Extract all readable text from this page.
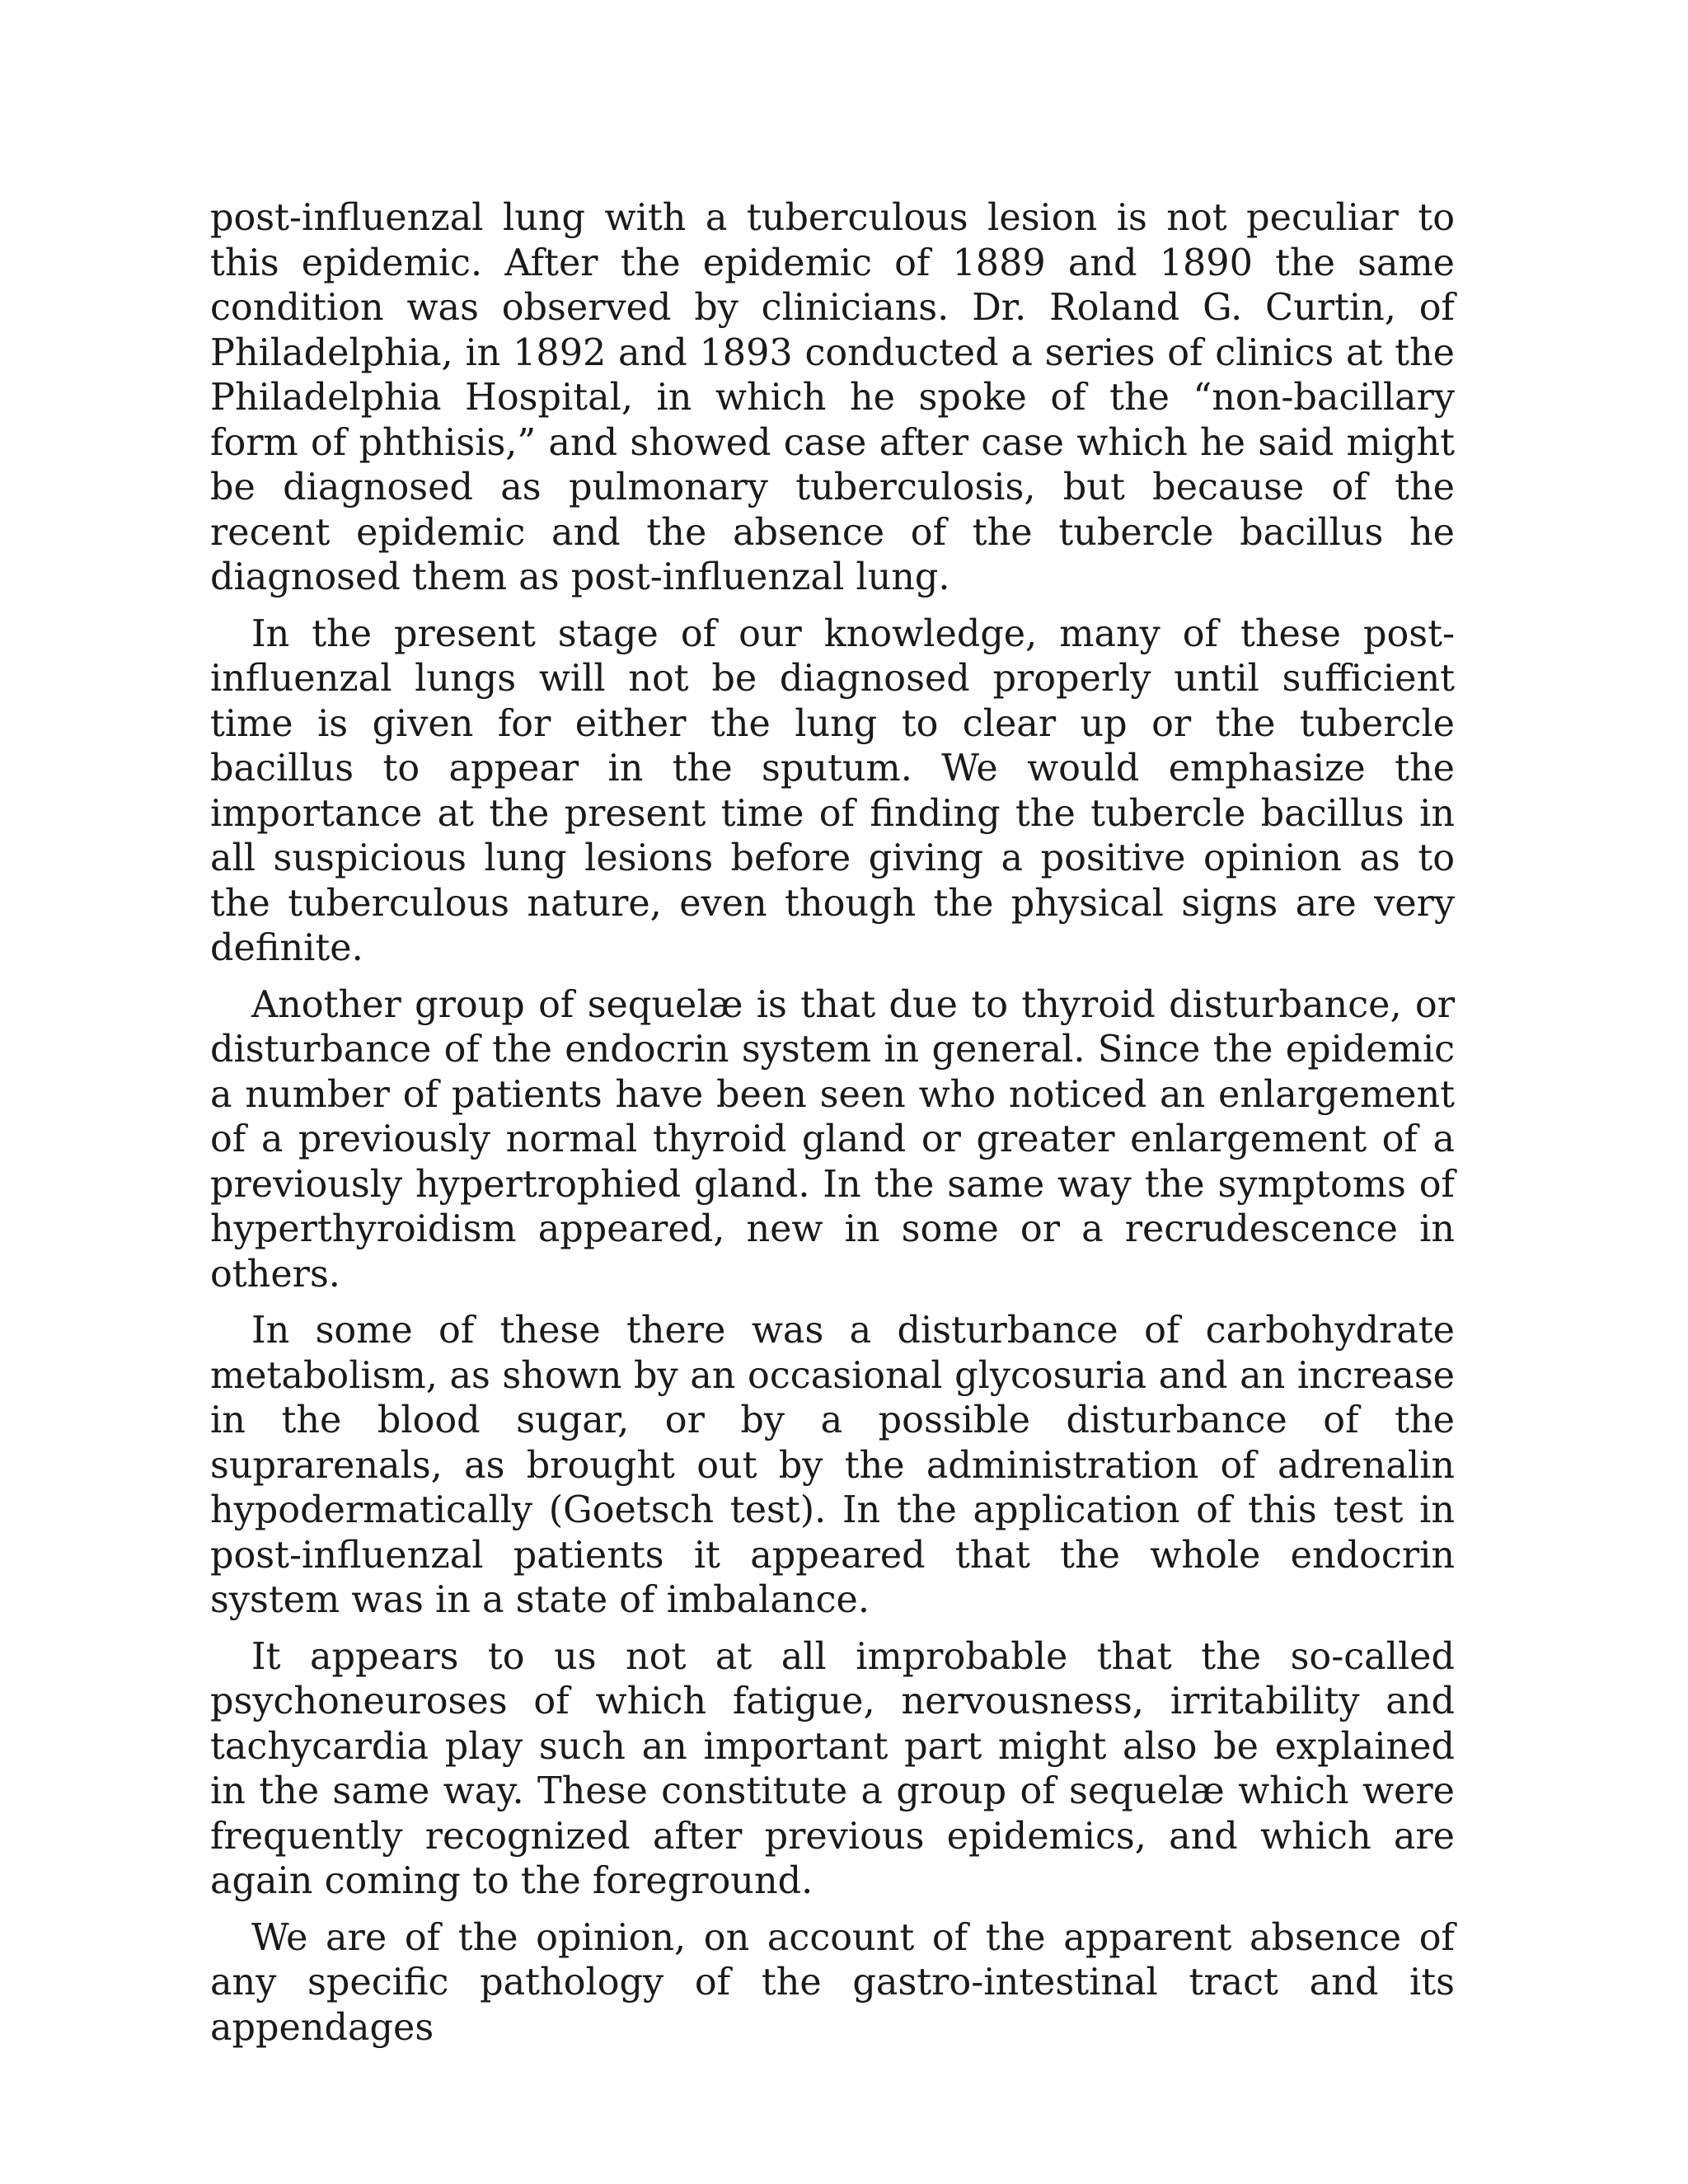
post-influenzal lung with a tuberculous lesion is not peculiar to this epidemic. After the epidemic of 1889 and 1890 the same condition was observed by clinicians. Dr. Roland G. Curtin, of Philadelphia, in 1892 and 1893 conducted a series of clinics at the Philadelphia Hospital, in which he spoke of the “non-bacillary form of phthisis,” and showed case after case which he said might be diagnosed as pulmonary tuberculosis, but because of the recent epidemic and the absence of the tubercle bacillus he diagnosed them as post-influenzal lung.

In the present stage of our knowledge, many of these post-influenzal lungs will not be diagnosed properly until sufficient time is given for either the lung to clear up or the tubercle bacillus to appear in the sputum. We would emphasize the importance at the present time of finding the tubercle bacillus in all suspicious lung lesions before giving a positive opinion as to the tuberculous nature, even though the physical signs are very definite.

Another group of sequelæ is that due to thyroid disturbance, or disturbance of the endocrin system in general. Since the epidemic a number of patients have been seen who noticed an enlargement of a previously normal thyroid gland or greater enlargement of a previously hypertrophied gland. In the same way the symptoms of hyperthyroidism appeared, new in some or a recrudescence in others.

In some of these there was a disturbance of carbohydrate metabolism, as shown by an occasional glycosuria and an increase in the blood sugar, or by a possible disturbance of the suprarenals, as brought out by the administration of adrenalin hypodermatically (Goetsch test). In the application of this test in post-influenzal patients it appeared that the whole endocrin system was in a state of imbalance.

It appears to us not at all improbable that the so-called psychoneuroses of which fatigue, nervousness, irritability and tachycardia play such an important part might also be explained in the same way. These constitute a group of sequelæ which were frequently recognized after previous epidemics, and which are again coming to the foreground.

We are of the opinion, on account of the apparent absence of any specific pathology of the gastro-intestinal tract and its appendages
